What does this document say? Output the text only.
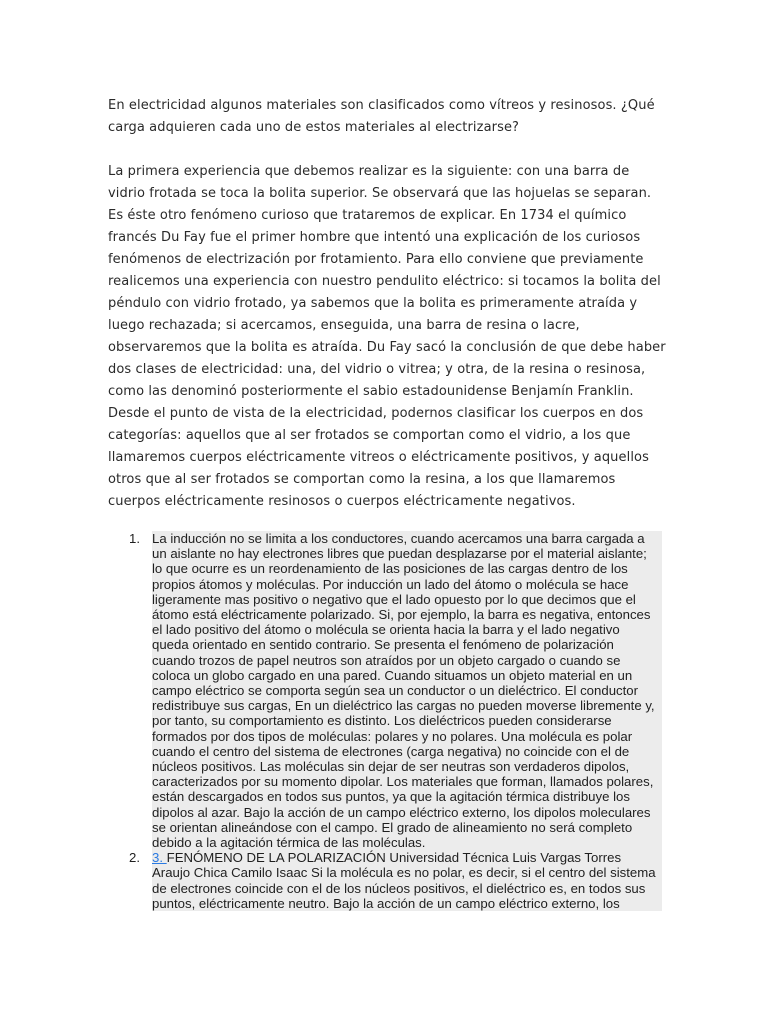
En electricidad algunos materiales son clasificados como vítreos y resinosos. ¿Qué carga adquieren cada uno de estos materiales al electrizarse?

La primera experiencia que debemos realizar es la siguiente: con una barra de vidrio frotada se toca la bolita superior. Se observará que las hojuelas se separan. Es éste otro fenómeno curioso que trataremos de explicar. En 1734 el químico francés Du Fay fue el primer hombre que intentó una explicación de los curiosos fenómenos de electrización por frotamiento. Para ello conviene que previamente realicemos una experiencia con nuestro pendulito eléctrico: si tocamos la bolita del péndulo con vidrio frotado, ya sabemos que la bolita es primeramente atraída y luego rechazada; si acercamos, enseguida, una barra de resina o lacre, observaremos que la bolita es atraída. Du Fay sacó la conclusión de que debe haber dos clases de electricidad: una, del vidrio o vitrea; y otra, de la resina o resinosa, como las denominó posteriormente el sabio estadounidense Benjamín Franklin. Desde el punto de vista de la electricidad, podernos clasificar los cuerpos en dos categorías: aquellos que al ser frotados se comportan como el vidrio, a los que llamaremos cuerpos eléctricamente vitreos o eléctricamente positivos, y aquellos otros que al ser frotados se comportan como la resina, a los que llamaremos cuerpos eléctricamente resinosos o cuerpos eléctricamente negativos.

1. La inducción no se limita a los conductores, cuando acercamos una barra cargada a un aislante no hay electrones libres que puedan desplazarse por el material aislante; lo que ocurre es un reordenamiento de las posiciones de las cargas dentro de los propios átomos y moléculas. Por inducción un lado del átomo o molécula se hace ligeramente mas positivo o negativo que el lado opuesto por lo que decimos que el átomo está eléctricamente polarizado. Si, por ejemplo, la barra es negativa, entonces el lado positivo del átomo o molécula se orienta hacia la barra y el lado negativo queda orientado en sentido contrario. Se presenta el fenómeno de polarización cuando trozos de papel neutros son atraídos por un objeto cargado o cuando se coloca un globo cargado en una pared. Cuando situamos un objeto material en un campo eléctrico se comporta según sea un conductor o un dieléctrico. El conductor redistribuye sus cargas, En un dieléctrico las cargas no pueden moverse libremente y, por tanto, su comportamiento es distinto. Los dieléctricos pueden considerarse formados por dos tipos de moléculas: polares y no polares. Una molécula es polar cuando el centro del sistema de electrones (carga negativa) no coincide con el de núcleos positivos. Las moléculas sin dejar de ser neutras son verdaderos dipolos, caracterizados por su momento dipolar. Los materiales que forman, llamados polares, están descargados en todos sus puntos, ya que la agitación térmica distribuye los dipolos al azar. Bajo la acción de un campo eléctrico externo, los dipolos moleculares se orientan alineándose con el campo. El grado de alineamiento no será completo debido a la agitación térmica de las moléculas.
2. 3. FENÓMENO DE LA POLARIZACIÓN Universidad Técnica Luis Vargas Torres Araujo Chica Camilo Isaac Si la molécula es no polar, es decir, si el centro del sistema de electrones coincide con el de los núcleos positivos, el dieléctrico es, en todos sus puntos, eléctricamente neutro. Bajo la acción de un campo eléctrico externo, los
